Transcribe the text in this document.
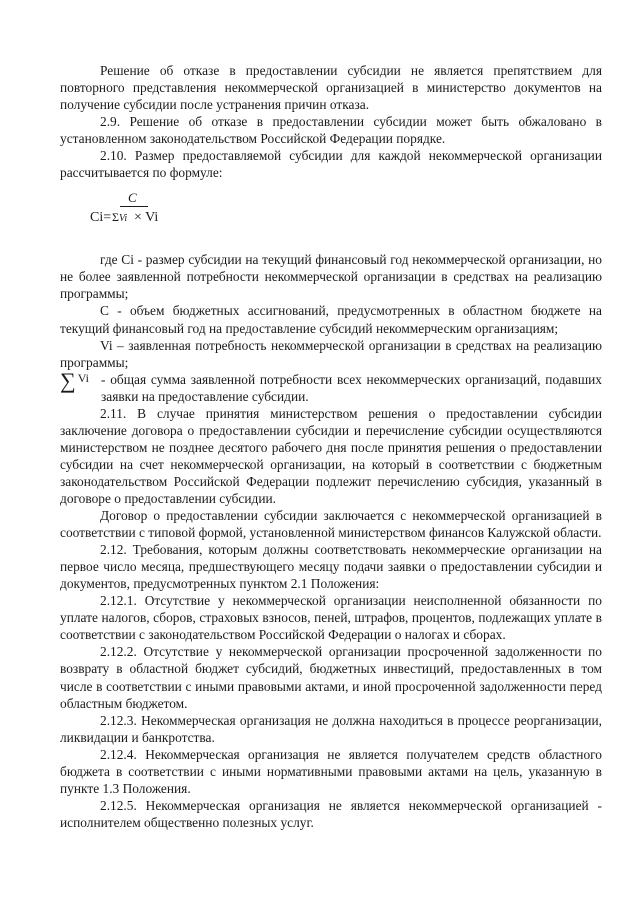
Решение об отказе в предоставлении субсидии не является препятствием для повторного представления некоммерческой организацией в министерство документов на получение субсидии после устранения причин отказа.

2.9. Решение об отказе в предоставлении субсидии может быть обжаловано в установленном законодательством Российской Федерации порядке.

2.10. Размер предоставляемой субсидии для каждой некоммерческой организации рассчитывается по формуле:

C
Ci= ΣVi × Vi

где Ci - размер субсидии на текущий финансовый год некоммерческой организации, но не более заявленной потребности некоммерческой организации в средствах на реализацию программы;

C - объем бюджетных ассигнований, предусмотренных в областном бюджете на текущий финансовый год на предоставление субсидий некоммерческим организациям;

Vi – заявленная потребность некоммерческой организации в средствах на реализацию программы;

∑ Vi - общая сумма заявленной потребности всех некоммерческих организаций, подавших заявки на предоставление субсидии.

2.11. В случае принятия министерством решения о предоставлении субсидии заключение договора о предоставлении субсидии и перечисление субсидии осуществляются министерством не позднее десятого рабочего дня после принятия решения о предоставлении субсидии на счет некоммерческой организации, на который в соответствии с бюджетным законодательством Российской Федерации подлежит перечислению субсидия, указанный в договоре о предоставлении субсидии.

Договор о предоставлении субсидии заключается с некоммерческой организацией в соответствии с типовой формой, установленной министерством финансов Калужской области.

2.12. Требования, которым должны соответствовать некоммерческие организации на первое число месяца, предшествующего месяцу подачи заявки о предоставлении субсидии и документов, предусмотренных пунктом 2.1 Положения:

2.12.1. Отсутствие у некоммерческой организации неисполненной обязанности по уплате налогов, сборов, страховых взносов, пеней, штрафов, процентов, подлежащих уплате в соответствии с законодательством Российской Федерации о налогах и сборах.

2.12.2. Отсутствие у некоммерческой организации просроченной задолженности по возврату в областной бюджет субсидий, бюджетных инвестиций, предоставленных в том числе в соответствии с иными правовыми актами, и иной просроченной задолженности перед областным бюджетом.

2.12.3. Некоммерческая организация не должна находиться в процессе реорганизации, ликвидации и банкротства.

2.12.4. Некоммерческая организация не является получателем средств областного бюджета в соответствии с иными нормативными правовыми актами на цель, указанную в пункте 1.3 Положения.

2.12.5. Некоммерческая организация не является некоммерческой организацией - исполнителем общественно полезных услуг.
